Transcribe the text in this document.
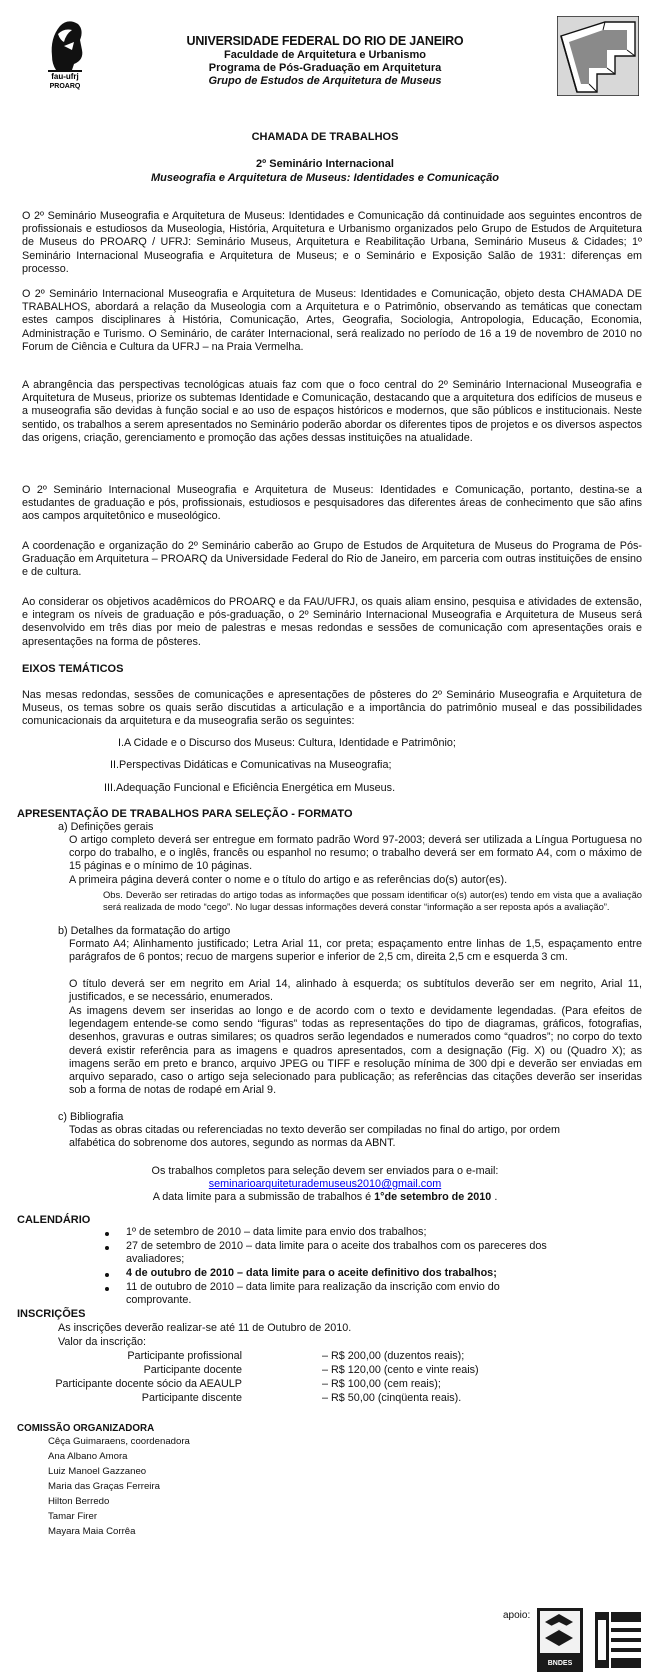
fau-ufrj
PROARQ
UNIVERSIDADE FEDERAL DO RIO DE JANEIRO
Faculdade de Arquitetura e Urbanismo
Programa de Pós-Graduação em Arquitetura
Grupo de Estudos de Arquitetura de Museus
CHAMADA DE TRABALHOS
2º Seminário Internacional
Museografia e Arquitetura de Museus: Identidades e Comunicação
O 2º Seminário Museografia e Arquitetura de Museus: Identidades e Comunicação dá continuidade aos seguintes encontros de profissionais e estudiosos da Museologia, História, Arquitetura e Urbanismo organizados pelo Grupo de Estudos de Arquitetura de Museus do PROARQ / UFRJ: Seminário Museus, Arquitetura e Reabilitação Urbana, Seminário Museus & Cidades; 1º Seminário Internacional Museografia e Arquitetura de Museus; e o Seminário e Exposição Salão de 1931: diferenças em processo.
O 2º Seminário Internacional Museografia e Arquitetura de Museus: Identidades e Comunicação, objeto desta CHAMADA DE TRABALHOS, abordará a relação da Museologia com a Arquitetura e o Patrimônio, observando as temáticas que conectam estes campos disciplinares à História, Comunicação, Artes, Geografia, Sociologia, Antropologia, Educação, Economia, Administração e Turismo. O Seminário, de caráter Internacional, será realizado no período de 16 a 19 de novembro de 2010 no Forum de Ciência e Cultura da UFRJ – na Praia Vermelha.
A abrangência das perspectivas tecnológicas atuais faz com que o foco central do 2º Seminário Internacional Museografia e Arquitetura de Museus, priorize os subtemas Identidade e Comunicação, destacando que a arquitetura dos edifícios de museus e a museografia são devidas à função social e ao uso de espaços históricos e modernos, que são públicos e institucionais. Neste sentido, os trabalhos a serem apresentados no Seminário poderão abordar os diferentes tipos de projetos e os diversos aspectos das origens, criação, gerenciamento e promoção das ações dessas instituições na atualidade.
O 2º Seminário Internacional Museografia e Arquitetura de Museus: Identidades e Comunicação, portanto, destina-se a estudantes de graduação e pós, profissionais, estudiosos e pesquisadores das diferentes áreas de conhecimento que são afins aos campos arquitetônico e museológico.
A coordenação e organização do 2º Seminário caberão ao Grupo de Estudos de Arquitetura de Museus do Programa de Pós-Graduação em Arquitetura – PROARQ da Universidade Federal do Rio de Janeiro, em parceria com outras instituições de ensino e de cultura.
Ao considerar os objetivos acadêmicos do PROARQ e da FAU/UFRJ, os quais aliam ensino, pesquisa e atividades de extensão, e integram os níveis de graduação e pós-graduação, o 2º Seminário Internacional Museografia e Arquitetura de Museus será desenvolvido em três dias por meio de palestras e mesas redondas e sessões de comunicação com apresentações orais e apresentações na forma de pôsteres.
EIXOS TEMÁTICOS
Nas mesas redondas, sessões de comunicações e apresentações de pôsteres do 2º Seminário Museografia e Arquitetura de Museus, os temas sobre os quais serão discutidas a articulação e a importância do patrimônio museal e das possibilidades comunicacionais da arquitetura e da museografia serão os seguintes:
I.A Cidade e o Discurso dos Museus: Cultura, Identidade e Patrimônio;
II.Perspectivas Didáticas e Comunicativas na Museografia;
III.Adequação Funcional e Eficiência Energética em Museus.
APRESENTAÇÃO DE TRABALHOS PARA SELEÇÃO - FORMATO
a) Definições gerais
O artigo completo deverá ser entregue em formato padrão Word 97-2003; deverá ser utilizada a Língua Portuguesa no corpo do trabalho, e o inglês, francês ou espanhol no resumo; o trabalho deverá ser em formato A4, com o máximo de 15 páginas e o mínimo de 10 páginas.
A primeira página deverá conter o nome e o título do artigo e as referências do(s) autor(es).
Obs. Deverão ser retiradas do artigo todas as informações que possam identificar o(s) autor(es) tendo em vista que a avaliação será realizada de modo “cego”. No lugar dessas informações deverá constar “informação a ser reposta após a avaliação”.
b) Detalhes da formatação do artigo
Formato A4; Alinhamento justificado; Letra Arial 11, cor preta; espaçamento entre linhas de 1,5, espaçamento entre parágrafos de 6 pontos; recuo de margens superior e inferior de 2,5 cm, direita 2,5 cm e esquerda 3 cm.
O título deverá ser em negrito em Arial 14, alinhado à esquerda; os subtítulos deverão ser em negrito, Arial 11, justificados, e se necessário, enumerados.
As imagens devem ser inseridas ao longo e de acordo com o texto e devidamente legendadas. (Para efeitos de legendagem entende-se como sendo “figuras” todas as representações do tipo de diagramas, gráficos, fotografias, desenhos, gravuras e outras similares; os quadros serão legendados e numerados como “quadros”; no corpo do texto deverá existir referência para as imagens e quadros apresentados, com a designação (Fig. X) ou (Quadro X); as imagens serão em preto e branco, arquivo JPEG ou TIFF e resolução mínima de 300 dpi e deverão ser enviadas em arquivo separado, caso o artigo seja selecionado para publicação; as referências das citações deverão ser inseridas sob a forma de notas de rodapé em Arial 9.
c) Bibliografia
Todas as obras citadas ou referenciadas no texto deverão ser compiladas no final do artigo, por ordem alfabética do sobrenome dos autores, segundo as normas da ABNT.
Os trabalhos completos para seleção devem ser enviados para o e-mail:
seminarioarquiteturademuseus2010@gmail.com
A data limite para a submissão de trabalhos é 1°de setembro de 2010 .
CALENDÁRIO
1º de setembro de 2010 – data limite para envio dos trabalhos;
27 de setembro de 2010 – data limite para o aceite dos trabalhos com os pareceres dos avaliadores;
4 de outubro de 2010 – data limite para o aceite definitivo dos trabalhos;
11 de outubro de 2010 – data limite para realização da inscrição com envio do comprovante.
INSCRIÇÕES
As inscrições deverão realizar-se até 11 de Outubro de 2010.
Valor da inscrição:
Participante profissional	– R$ 200,00 (duzentos reais);
Participante docente	– R$ 120,00 (cento e vinte reais)
Participante docente sócio da AEAULP	– R$ 100,00 (cem reais);
Participante discente	– R$ 50,00 (cinqüenta reais).
COMISSÃO ORGANIZADORA
Cêça Guimaraens, coordenadora
Ana Albano Amora
Luiz Manoel Gazzaneo
Maria das Graças Ferreira
Hilton Berredo
Tamar Firer
Mayara Maia Corrêa
apoio:
BNDES
